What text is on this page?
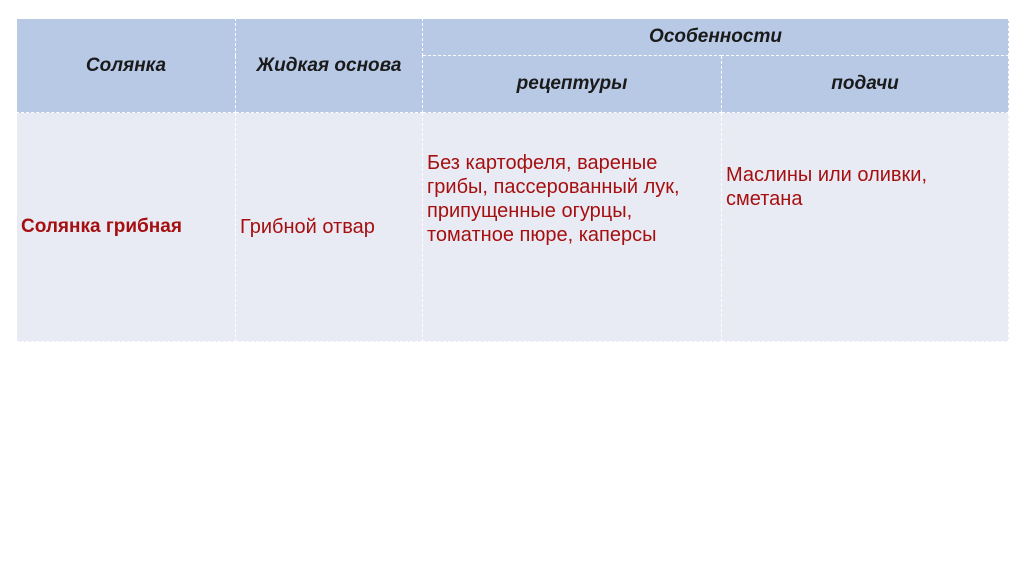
Солянка	Жидкая основа	Особенности	
		рецептуры	подачи
Солянка грибная	Грибной отвар	Без картофеля, вареные грибы, пассерованный лук, припущенные огурцы, томатное пюре, каперсы	Маслины или оливки, сметана
